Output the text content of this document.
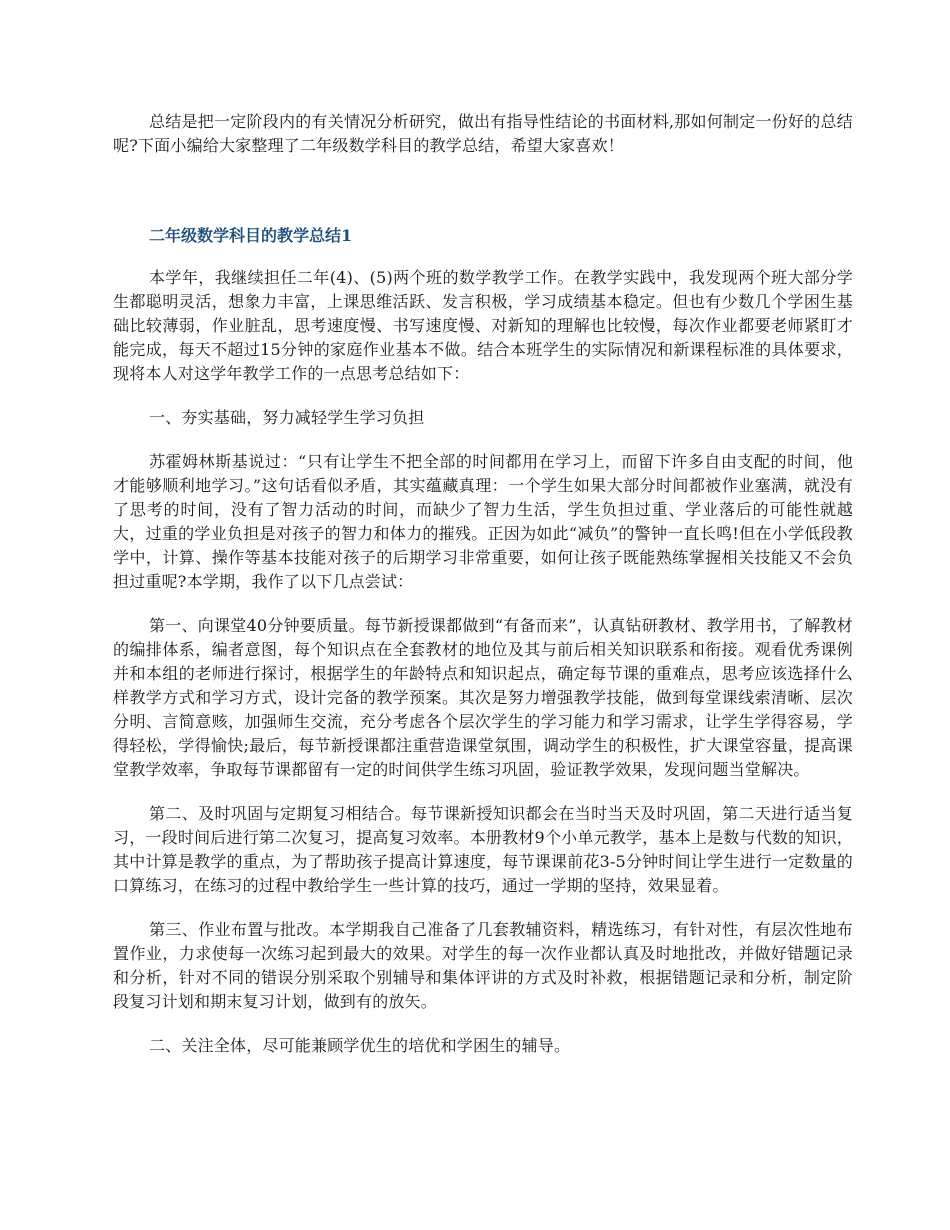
总结是把一定阶段内的有关情况分析研究，做出有指导性结论的书面材料,那如何制定一份好的总结呢?下面小编给大家整理了二年级数学科目的教学总结，希望大家喜欢！

二年级数学科目的教学总结1

本学年，我继续担任二年(4)、(5)两个班的数学教学工作。在教学实践中，我发现两个班大部分学生都聪明灵活，想象力丰富，上课思维活跃、发言积极，学习成绩基本稳定。但也有少数几个学困生基础比较薄弱，作业脏乱，思考速度慢、书写速度慢、对新知的理解也比较慢，每次作业都要老师紧盯才能完成，每天不超过15分钟的家庭作业基本不做。结合本班学生的实际情况和新课程标准的具体要求，现将本人对这学年教学工作的一点思考总结如下：

一、夯实基础，努力减轻学生学习负担

苏霍姆林斯基说过：“只有让学生不把全部的时间都用在学习上，而留下许多自由支配的时间，他才能够顺利地学习。”这句话看似矛盾，其实蕴藏真理：一个学生如果大部分时间都被作业塞满，就没有了思考的时间，没有了智力活动的时间，而缺少了智力生活，学生负担过重、学业落后的可能性就越大，过重的学业负担是对孩子的智力和体力的摧残。正因为如此“减负”的警钟一直长鸣!但在小学低段教学中，计算、操作等基本技能对孩子的后期学习非常重要，如何让孩子既能熟练掌握相关技能又不会负担过重呢?本学期，我作了以下几点尝试：

第一、向课堂40分钟要质量。每节新授课都做到“有备而来”，认真钻研教材、教学用书，了解教材的编排体系，编者意图，每个知识点在全套教材的地位及其与前后相关知识联系和衔接。观看优秀课例并和本组的老师进行探讨，根据学生的年龄特点和知识起点，确定每节课的重难点，思考应该选择什么样教学方式和学习方式，设计完备的教学预案。其次是努力增强教学技能，做到每堂课线索清晰、层次分明、言简意赅，加强师生交流，充分考虑各个层次学生的学习能力和学习需求，让学生学得容易，学得轻松，学得愉快;最后，每节新授课都注重营造课堂氛围，调动学生的积极性，扩大课堂容量，提高课堂教学效率，争取每节课都留有一定的时间供学生练习巩固，验证教学效果，发现问题当堂解决。

第二、及时巩固与定期复习相结合。每节课新授知识都会在当时当天及时巩固，第二天进行适当复习，一段时间后进行第二次复习，提高复习效率。本册教材9个小单元教学，基本上是数与代数的知识，其中计算是教学的重点，为了帮助孩子提高计算速度，每节课课前花3-5分钟时间让学生进行一定数量的口算练习，在练习的过程中教给学生一些计算的技巧，通过一学期的坚持，效果显着。

第三、作业布置与批改。本学期我自己准备了几套教辅资料，精选练习，有针对性，有层次性地布置作业，力求使每一次练习起到最大的效果。对学生的每一次作业都认真及时地批改，并做好错题记录和分析，针对不同的错误分别采取个别辅导和集体评讲的方式及时补救，根据错题记录和分析，制定阶段复习计划和期末复习计划，做到有的放矢。

二、关注全体，尽可能兼顾学优生的培优和学困生的辅导。
